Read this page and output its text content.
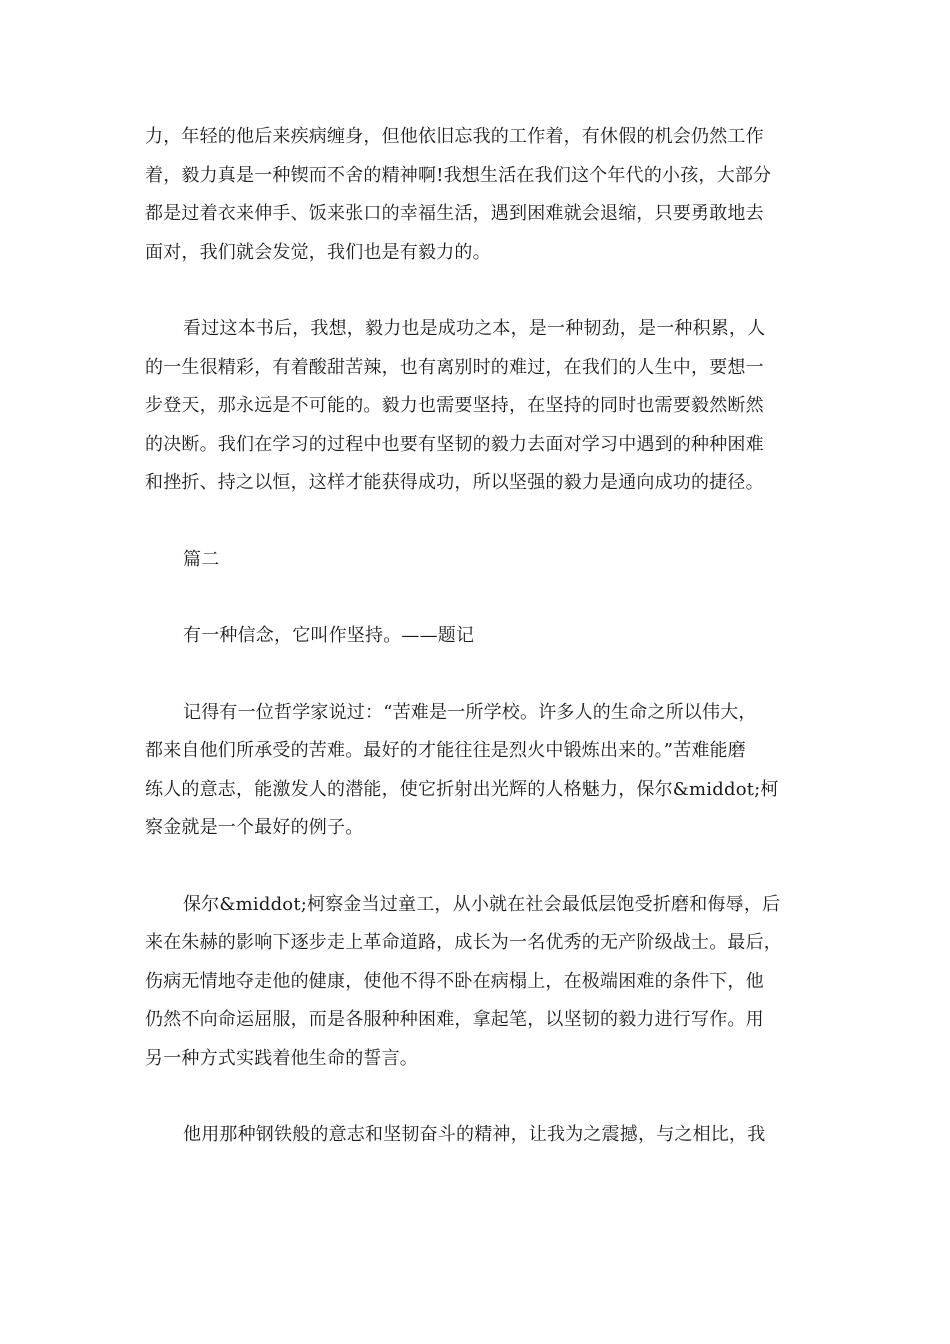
力，年轻的他后来疾病缠身，但他依旧忘我的工作着，有休假的机会仍然工作
着，毅力真是一种锲而不舍的精神啊!我想生活在我们这个年代的小孩，大部分
都是过着衣来伸手、饭来张口的幸福生活，遇到困难就会退缩，只要勇敢地去
面对，我们就会发觉，我们也是有毅力的。

看过这本书后，我想，毅力也是成功之本，是一种韧劲，是一种积累，人
的一生很精彩，有着酸甜苦辣，也有离别时的难过，在我们的人生中，要想一
步登天，那永远是不可能的。毅力也需要坚持，在坚持的同时也需要毅然断然
的决断。我们在学习的过程中也要有坚韧的毅力去面对学习中遇到的种种困难
和挫折、持之以恒，这样才能获得成功，所以坚强的毅力是通向成功的捷径。

篇二

有一种信念，它叫作坚持。——题记

记得有一位哲学家说过：“苦难是一所学校。许多人的生命之所以伟大，
都来自他们所承受的苦难。最好的才能往往是烈火中锻炼出来的。”苦难能磨
练人的意志，能激发人的潜能，使它折射出光辉的人格魅力，保尔&middot;柯
察金就是一个最好的例子。

保尔&middot;柯察金当过童工，从小就在社会最低层饱受折磨和侮辱，后
来在朱赫的影响下逐步走上革命道路，成长为一名优秀的无产阶级战士。最后，
伤病无情地夺走他的健康，使他不得不卧在病榻上，在极端困难的条件下，他
仍然不向命运屈服，而是各服种种困难，拿起笔，以坚韧的毅力进行写作。用
另一种方式实践着他生命的誓言。

他用那种钢铁般的意志和坚韧奋斗的精神，让我为之震撼，与之相比，我
